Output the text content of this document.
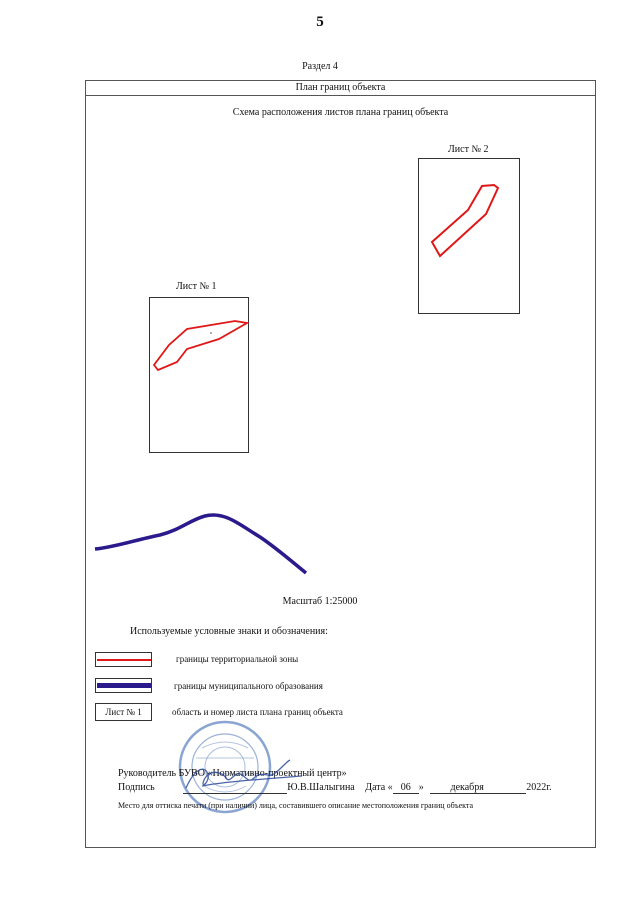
5
Раздел 4
План границ объекта
Схема расположения листов плана границ объекта
Лист № 2
Лист № 1
Масштаб 1:25000
Используемые условные знаки и обозначения:
границы территориальной зоны
границы муниципального образования
Лист № 1	область и номер листа плана границ объекта
Руководитель БУВО «Нормативно-проектный центр»
Подпись	Ю.В.Шалыгина Дата « 06 »	декабря	2022г.
Место для оттиска печати (при наличии) лица, составившего описание местоположения границ объекта
